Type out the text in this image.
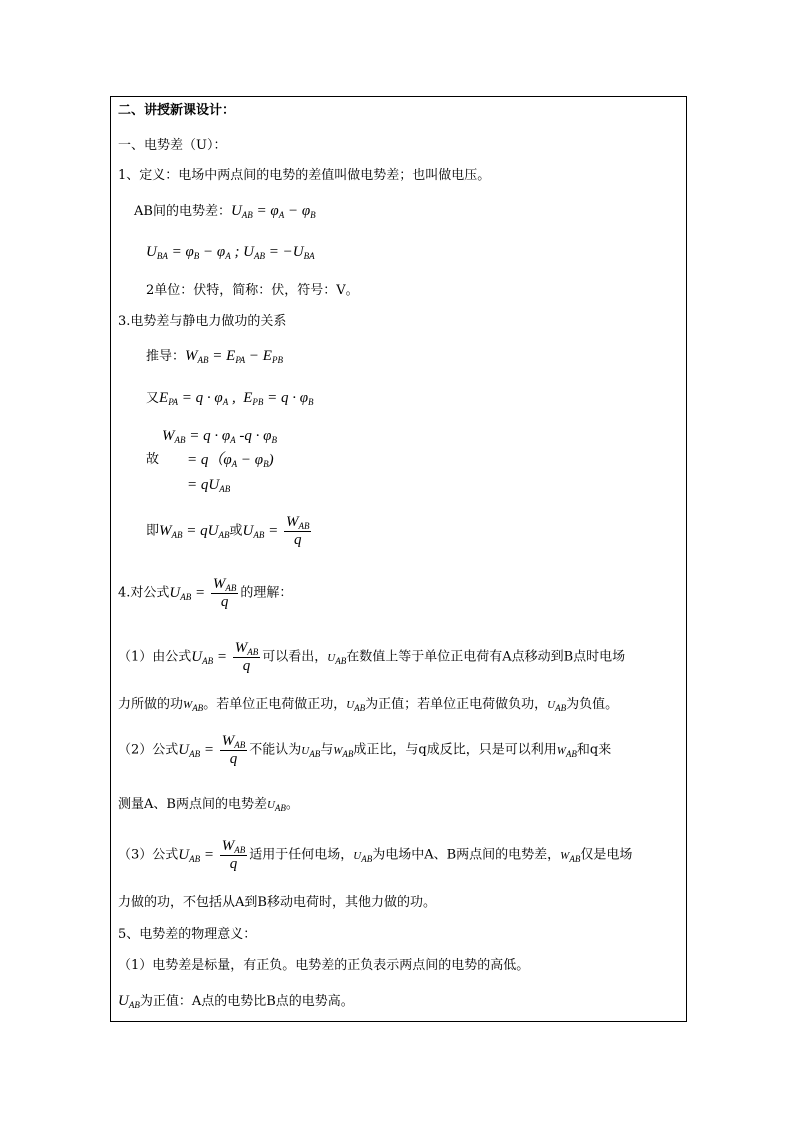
二、讲授新课设计：
一、电势差（U）：
1、定义：电场中两点间的电势的差值叫做电势差；也叫做电压。
AB间的电势差：$U_{AB} = \varphi_A - \varphi_B$
$U_{BA} = \varphi_B - \varphi_A$ ; $U_{AB} = -U_{BA}$
2单位：伏特，简称：伏，符号：V。
3.电势差与静电力做功的关系
推导：$W_{AB} = E_{PA} - E_{PB}$
又$E_{PA} = q \cdot \varphi_A$ ,  $E_{PB} = q \cdot \varphi_B$
$W_{AB} = q \cdot \varphi_A$ $-q \cdot \varphi_B$
故 = $q(\varphi_A - \varphi_B)$
= $qU_{AB}$
即$W_{AB} = qU_{AB}$或$U_{AB} = \frac{W_{AB}}{q}$
4.对公式$U_{AB} = \frac{W_{AB}}{q}$ 的理解：
（1）由公式$U_{AB} = \frac{W_{AB}}{q}$ 可以看出，$U_{AB}$在数值上等于单位正电荷有A点移动到B点时电场
力所做的功$W_{AB}$。若单位正电荷做正功，$U_{AB}$为正值；若单位正电荷做负功，$U_{AB}$为负值。
（2）公式$U_{AB} = \frac{W_{AB}}{q}$ 不能认为$U_{AB}$与$W_{AB}$成正比，与q成反比，只是可以利用$W_{AB}$和q来
测量A、B两点间的电势差$U_{AB}$。
（3）公式$U_{AB} = \frac{W_{AB}}{q}$ 适用于任何电场，$U_{AB}$为电场中A、B两点间的电势差，$W_{AB}$仅是电场
力做的功，不包括从A到B移动电荷时，其他力做的功。
5、电势差的物理意义：
（1）电势差是标量，有正负。电势差的正负表示两点间的电势的高低。
$U_{AB}$为正值：A点的电势比B点的电势高。
